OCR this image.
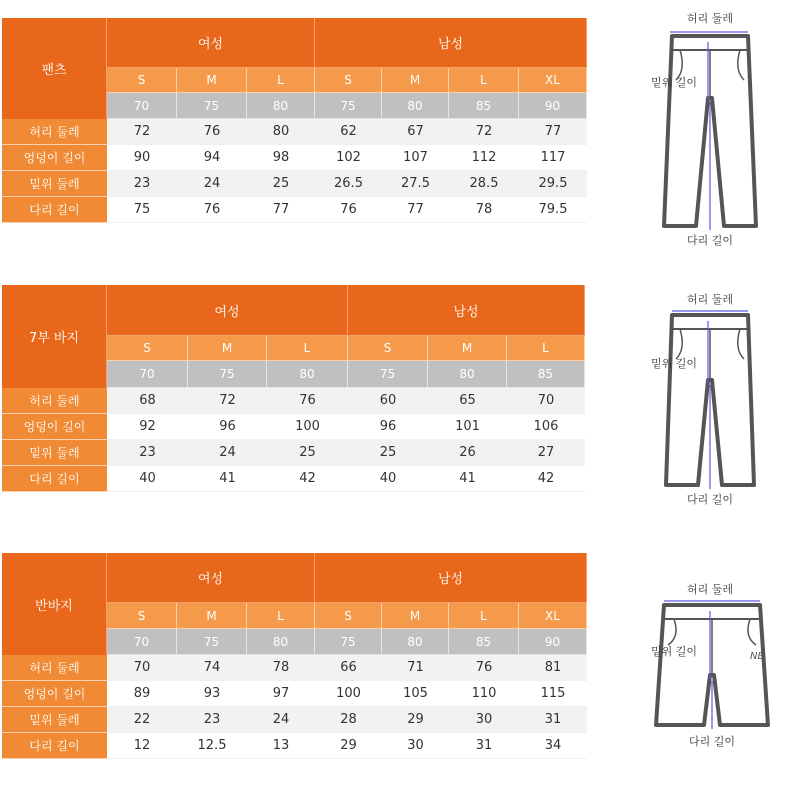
팬츠
여성	남성
S	M	L	S	M	L	XL
70	75	80	75	80	85	90
허리 둘레	72	76	80	62	67	72	77
엉덩이 길이	90	94	98	102	107	112	117
밑위 둘레	23	24	25	26.5	27.5	28.5	29.5
다리 길이	75	76	77	76	77	78	79.5
7부 바지
여성	남성
S	M	L	S	M	L
70	75	80	75	80	85
허리 둘레	68	72	76	60	65	70
엉덩이 길이	92	96	100	96	101	106
밑위 둘레	23	24	25	25	26	27
다리 길이	40	41	42	40	41	42
반바지
여성	남성
S	M	L	S	M	L	XL
70	75	80	75	80	85	90
허리 둘레	70	74	78	66	71	76	81
엉덩이 길이	89	93	97	100	105	110	115
밑위 둘레	22	23	24	28	29	30	31
다리 길이	12	12.5	13	29	30	31	34
허리 둘레
밑위 길이
다리 길이
허리 둘레
밑위 길이
다리 길이
허리 둘레
NB
밑위 길이
다리 길이
